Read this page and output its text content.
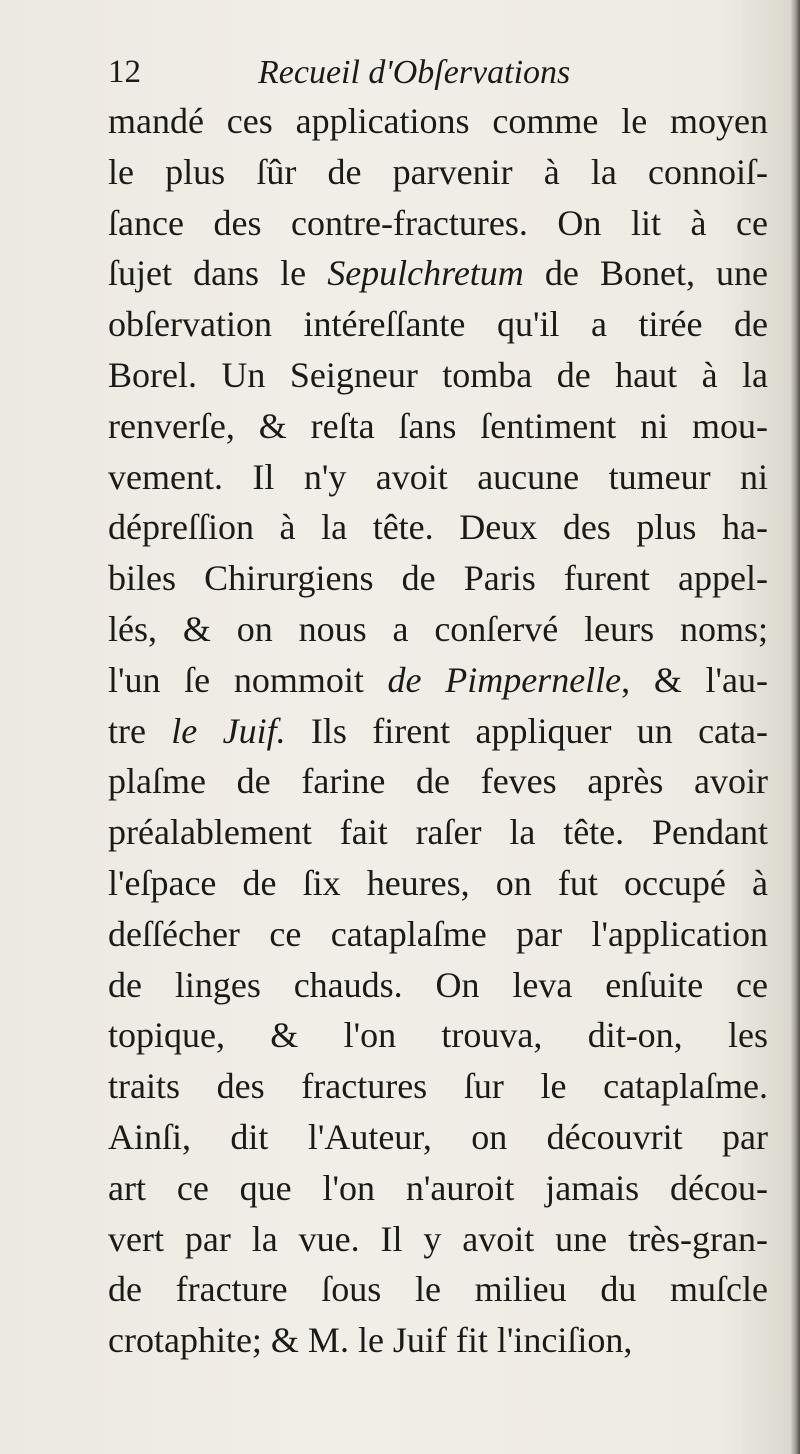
12	Recueil d'Obſervations
mandé ces applications comme le moyen
le plus ſûr de parvenir à la connoiſ-
ſance des contre-fractures. On lit à ce
ſujet dans le Sepulchretum de Bonet, une
obſervation intéreſſante qu'il a tirée de
Borel. Un Seigneur tomba de haut à la
renverſe, & reſta ſans ſentiment ni mou-
vement. Il n'y avoit aucune tumeur ni
dépreſſion à la tête. Deux des plus ha-
biles Chirurgiens de Paris furent appel-
lés, & on nous a conſervé leurs noms;
l'un ſe nommoit de Pimpernelle, & l'au-
tre le Juif. Ils firent appliquer un cata-
plaſme de farine de feves après avoir
préalablement fait raſer la tête. Pendant
l'eſpace de ſix heures, on fut occupé à
deſſécher ce cataplaſme par l'application
de linges chauds. On leva enſuite ce
topique, & l'on trouva, dit-on, les
traits des fractures ſur le cataplaſme.
Ainſi, dit l'Auteur, on découvrit par
art ce que l'on n'auroit jamais décou-
vert par la vue. Il y avoit une très-gran-
de fracture ſous le milieu du muſcle
crotaphite; & M. le Juif fit l'inciſion,
